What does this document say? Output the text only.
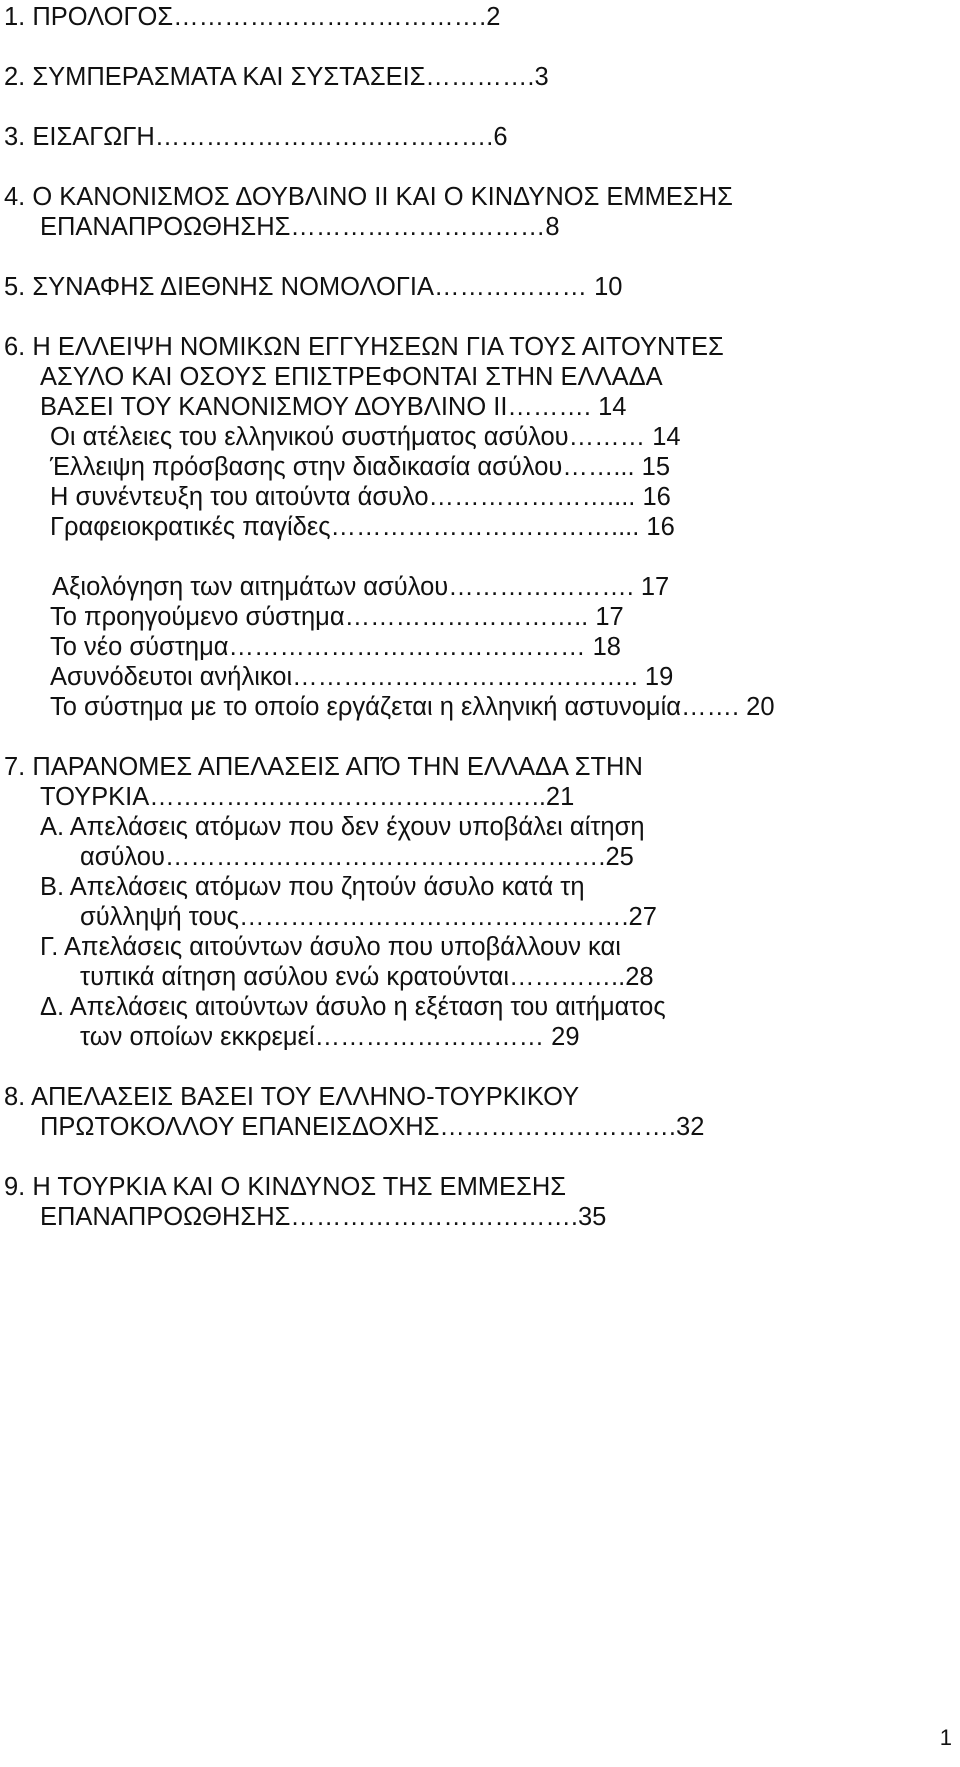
1. ΠΡΟΛΟΓΟΣ……………………………….2
2. ΣΥΜΠΕΡΑΣΜΑΤΑ ΚΑΙ ΣΥΣΤΑΣΕΙΣ………….3
3. ΕΙΣΑΓΩΓΗ………………………………….6
4. Ο ΚΑΝΟΝΙΣΜΟΣ ΔΟΥΒΛΙΝΟ ΙΙ ΚΑΙ Ο ΚΙΝΔΥΝΟΣ ΕΜΜΕΣΗΣ
ΕΠΑΝΑΠΡΟΩΘΗΣΗΣ…………………………8
5. ΣΥΝΑΦΗΣ ΔΙΕΘΝΗΣ ΝΟΜΟΛΟΓΙΑ……………… 10
6. Η ΕΛΛΕΙΨΗ ΝΟΜΙΚΩΝ ΕΓΓΥΗΣΕΩΝ ΓΙΑ ΤΟΥΣ ΑΙΤΟΥΝΤΕΣ
ΑΣΥΛΟ ΚΑΙ ΟΣΟΥΣ ΕΠΙΣΤΡΕΦΟΝΤΑΙ ΣΤΗΝ ΕΛΛΑΔΑ
ΒΑΣΕΙ ΤΟΥ ΚΑΝΟΝΙΣΜΟΥ ΔΟΥΒΛΙΝΟ ΙΙ………. 14
Οι ατέλειες του ελληνικού συστήματος ασύλου……… 14
Έλλειψη πρόσβασης στην διαδικασία ασύλου……... 15
Η συνέντευξη του αιτούντα άσυλο………………….... 16
Γραφειοκρατικές παγίδες…………………………….... 16
Αξιολόγηση των αιτημάτων ασύλου…………………. 17
Το προηγούμενο σύστημα……………………….. 17
Το νέο σύστημα…………………………………… 18
Ασυνόδευτοι ανήλικοι………………………………….. 19
Το σύστημα με το οποίο εργάζεται η ελληνική αστυνομία……. 20
7. ΠΑΡΑΝΟΜΕΣ ΑΠΕΛΑΣΕΙΣ ΑΠΌ ΤΗΝ ΕΛΛΑΔΑ ΣΤΗΝ
ΤΟΥΡΚΙΑ………………………………………..21
Α. Απελάσεις ατόμων που δεν έχουν υποβάλει αίτηση
ασύλου…………………………………………….25
Β. Απελάσεις ατόμων που ζητούν άσυλο κατά τη
σύλληψή τους……………………………………….27
Γ. Απελάσεις αιτούντων άσυλο που υποβάλλουν και
τυπικά αίτηση ασύλου ενώ κρατούνται…………..28
Δ. Απελάσεις αιτούντων άσυλο η εξέταση του αιτήματος
των οποίων εκκρεμεί……………………… 29
8. ΑΠΕΛΑΣΕΙΣ ΒΑΣΕΙ ΤΟΥ ΕΛΛΗΝΟ-ΤΟΥΡΚΙΚΟΥ
ΠΡΩΤΟΚΟΛΛΟΥ ΕΠΑΝΕΙΣΔΟΧΗΣ……………………….32
9. Η ΤΟΥΡΚΙΑ ΚΑΙ Ο ΚΙΝΔΥΝΟΣ ΤΗΣ ΕΜΜΕΣΗΣ
ΕΠΑΝΑΠΡΟΩΘΗΣΗΣ…………………………….35
1
